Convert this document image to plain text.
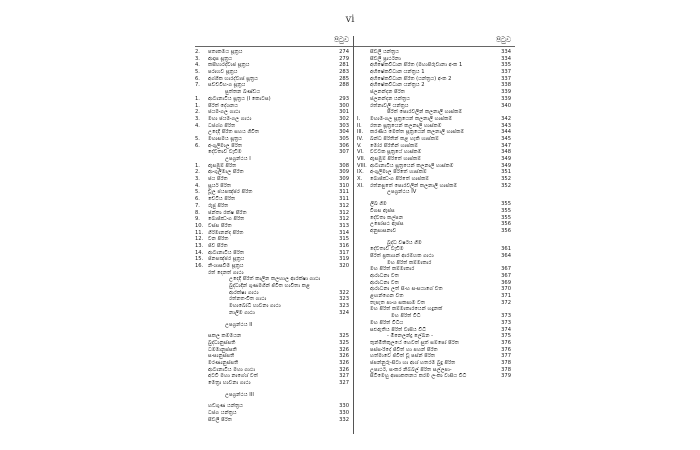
vi
පිටුව
2.	පතාකමය සූත්‍රය	274
3.	ආදාස සූත්‍රය	279
4.	කසීභාරද්වාජ සූත්‍රය	281
5.	පරාභව සූත්‍රය	283
6.	අග්ගික භාරද්වාජ සූත්‍රය	285
7.	සච්චවිභංග සූත්‍රය	288
සුත්තන ඛණ්ඩය
1.	ආටානාටිය සූත්‍රය (I කොටස)	293
1.	පිරිත් දේශනය	300
2.	ජයමංගල ගාථා	301
3.	මහා ජයමංගල ගාථා	302
4.	ධජග්ග පිරිත	303
උදෙදී පිරිත සහය ගිවිත	304
5.	මහාසමය සූත්‍රය	305
6.	අංගුලිමාල පිරිත	306
දේවතාව වැඩීම	307
උපග්‍රන්ථය I
1.	ඇසඹුම් පිරිත	308
2.	ආංගුලිමාල පිරිත	309
3.	ජය පිරිත	309
4.	සූර්ය පිරිත	310
5.	චූල ජයපඤ්ජර පිරිත	311
6.	චේටිය පිරිත	311
7.	රුජු පිරිත	312
8.	ජන්තා රක්ෂ පිරිත	312
9.	බොජ්ඣංග පිරිත	312
10. වස්ස පිරිත	313
11. ගිරිමානන්ද පිරිත	314
12. වන පිරිත	315
13. ජීව පිරිත	316
14. ආටානාටිය පිරිත	317
15. ජිනපඤ්ජර සූත්‍රය	319
16. නිංශාසවීම සූත්‍රය	320
රත් දෙනත් ගාථා
උදෙදී පිරිත් කාලින කලහාල ආරක්ෂා ගාථා
බුද්ධාදීන් ගුණමගින් ජීවිත භාවිතා කළ
ආරක්ෂා ගාථා	322
රත්නතංචිත ගාථා	323
මහාබෝධි භාවනා ගාථා	323
නාලිම ගාථා	324
උපග්‍රන්ථය II
සකල කම්මයන	325
බුද්ධානුස්සති	325
ධම්මානුස්සති	326
සංඝානුස්සති	326
මරණානුස්සති	326
ආටානාටිය මහා ගාථා	326
අටවි මහා නාගේශ් වත්	327
මෙත්‍රා භාවනා ගාථා	327
උපග්‍රන්ථය III
හඩගුණ යන්ත්‍රය	330
ධජග යන්ත්‍රය	330
සීවලී පිරිත	332
පිටුව
සීවලී යන්ත්‍රය	334
සීවලී ප්‍රාර්ථනා	334
අභිෂේකවිධාන පිරිත (මහාපිරුවානා අංක 1	335
අභිෂේකවිධාන යන්ත්‍රය 1	337
අභිෂේකවිධාන පිරිත (යන්ත්‍රය) අංක 2	337
අභිෂේකවිධාන යන්ත්‍රය 2	338
ජලනන්දන පිරිත	339
ජලනන්දන යන්ත්‍රය	339
රත්නාවලී යන්ත්‍රය	340
පිරිත් පොරවලින් කලනාලී හාස්කම්
I.	මහාමංගල සූත්‍රයෙන් කලනාලී හාස්කම්	342
II.	රතන සූත්‍රයෙන් කලනාලී හාස්කම්	343
III.	කරණීය මෙත්ත සූත්‍රයෙන් කලනාලී හාස්කම්	344
IV.	ඛන්ධ පිරිතින් කළ හැකි හාස්කම්	345
V.	මෝර පිරිතින් හාස්කම්	347
VI.	වට්ටක සූත්‍රයේ හාස්කම්	348
VII. ඇසඹුම් පිරිතේ හාස්කම්	349
VIII. ආටානාටිය සූත්‍රයෙන් කලනාලී හාස්කම්	349
IX.	අංගුලිමාල පිරිතේ හාස්කම්	351
X.	බොජ්ඣංග පිරිතේ හාස්කම්	352
XI.	රත්නපුතේ පොරවලින් කලනාලී හාස්කම්	352
උපග්‍රන්ථය IV
ලිඛ ගිම	355
විගස ඇස්ස	355
දේවතා කල්පන	355
උපෝසථ ඇස්ස	356
අනුසාසනාව	356
බුද්ධ වර්ෂය ගිම
දේවතාව වැඩීම	361
පිරිත් ප්‍රකාශන් ආරම්භක ගාථා	364
මහ පිරිත් කම්මාකාර
මහ පිරිත් කම්මාකාර	367
ආරාධනා වත	367
ආරාධනා වත	369
ආරාධනා ලත් සිංහ සංඝයාගේ වත	370
ළඟන්ගෙන වත	371
තැපැත පාංශ සකසාම වත	372
මහ පිරිත් කම්මාකාරයෙන් හදුනක්
මහ පිරිත් විධි	373
මහ පිරිත් විධිය	373
සළුඇතිය පිරිත් වාසිය විධි	374
- මිනෙලන්ද්‍ර ලේඛන -	375
තුන්මිතිකුලයේ හෙවත් සුත් සම්පෝ පිරිත	376
පස්සංරිදේ ජීවිත් හා පහන් පිරිත	376
හත්මාවේ ජිවිත් වූ පස්න් පිරිත	377
ජපන්නුරු-සිටා හා ආශ් හතරම බුදු පිරිත	378
උපාර්ථ, සංකර නිබ්බල් පිරිත සල්ලපා-	378
සිටිමෙහු ආසාකතනය කරම ලංකා වාසිය විධි	379
